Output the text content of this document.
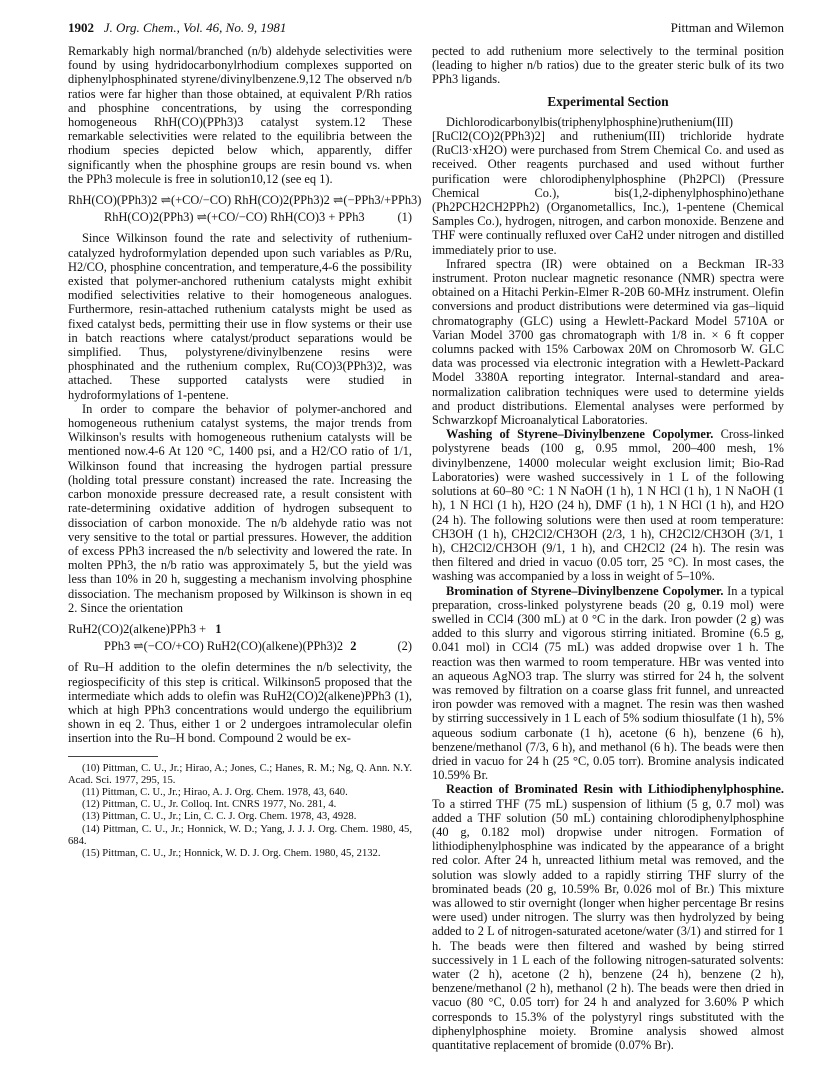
1902 J. Org. Chem., Vol. 46, No. 9, 1981	Pittman and Wilemon

Remarkably high normal/branched (n/b) aldehyde selectivities were found by using hydridocarbonylrhodium complexes supported on diphenylphosphinated styrene/divinylbenzene.9,12 The observed n/b ratios were far higher than those obtained, at equivalent P/Rh ratios and phosphine concentrations, by using the corresponding homogeneous RhH(CO)(PPh3)3 catalyst system.12 These remarkable selectivities were related to the equilibria between the rhodium species depicted below which, apparently, differ significantly when the phosphine groups are resin bound vs. when the PPh3 molecule is free in solution10,12 (see eq 1).

RhH(CO)(PPh3)2 ⇌(+CO/−CO) RhH(CO)2(PPh3)2 ⇌(−PPh3/+PPh3)
RhH(CO)2(PPh3) ⇌(+CO/−CO) RhH(CO)3 + PPh3	(1)

Since Wilkinson found the rate and selectivity of ruthenium-catalyzed hydroformylation depended upon such variables as P/Ru, H2/CO, phosphine concentration, and temperature,4-6 the possibility existed that polymer-anchored ruthenium catalysts might exhibit modified selectivities relative to their homogeneous analogues. Furthermore, resin-attached ruthenium catalysts might be used as fixed catalyst beds, permitting their use in flow systems or their use in batch reactions where catalyst/product separations would be simplified. Thus, polystyrene/divinylbenzene resins were phosphinated and the ruthenium complex, Ru(CO)3(PPh3)2, was attached. These supported catalysts were studied in hydroformylations of 1-pentene.

In order to compare the behavior of polymer-anchored and homogeneous ruthenium catalyst systems, the major trends from Wilkinson's results with homogeneous ruthenium catalysts will be mentioned now.4-6 At 120 °C, 1400 psi, and a H2/CO ratio of 1/1, Wilkinson found that increasing the hydrogen partial pressure (holding total pressure constant) increased the rate. Increasing the carbon monoxide pressure decreased rate, a result consistent with rate-determining oxidative addition of hydrogen subsequent to dissociation of carbon monoxide. The n/b aldehyde ratio was not very sensitive to the total or partial pressures. However, the addition of excess PPh3 increased the n/b selectivity and lowered the rate. In molten PPh3, the n/b ratio was approximately 5, but the yield was less than 10% in 20 h, suggesting a mechanism involving phosphine dissociation. The mechanism proposed by Wilkinson is shown in eq 2. Since the orientation

RuH2(CO)2(alkene)PPh3 + 1
PPh3 ⇌(−CO/+CO) RuH2(CO)(alkene)(PPh3)2 2	(2)

of Ru–H addition to the olefin determines the n/b selectivity, the regiospecificity of this step is critical. Wilkinson5 proposed that the intermediate which adds to olefin was RuH2(CO)2(alkene)PPh3 (1), which at high PPh3 concentrations would undergo the equilibrium shown in eq 2. Thus, either 1 or 2 undergoes intramolecular olefin insertion into the Ru–H bond. Compound 2 would be ex-

(10) Pittman, C. U., Jr.; Hirao, A.; Jones, C.; Hanes, R. M.; Ng, Q. Ann. N.Y. Acad. Sci. 1977, 295, 15.
(11) Pittman, C. U., Jr.; Hirao, A. J. Org. Chem. 1978, 43, 640.
(12) Pittman, C. U., Jr. Colloq. Int. CNRS 1977, No. 281, 4.
(13) Pittman, C. U., Jr.; Lin, C. C. J. Org. Chem. 1978, 43, 4928.
(14) Pittman, C. U., Jr.; Honnick, W. D.; Yang, J. J. J. Org. Chem. 1980, 45, 684.
(15) Pittman, C. U., Jr.; Honnick, W. D. J. Org. Chem. 1980, 45, 2132.

pected to add ruthenium more selectively to the terminal position (leading to higher n/b ratios) due to the greater steric bulk of its two PPh3 ligands.

Experimental Section

Dichlorodicarbonylbis(triphenylphosphine)ruthenium(III) [RuCl2(CO)2(PPh3)2] and ruthenium(III) trichloride hydrate (RuCl3·xH2O) were purchased from Strem Chemical Co. and used as received. Other reagents purchased and used without further purification were chlorodiphenylphosphine (Ph2PCl) (Pressure Chemical Co.), bis(1,2-diphenylphosphino)ethane (Ph2PCH2CH2PPh2) (Organometallics, Inc.), 1-pentene (Chemical Samples Co.), hydrogen, nitrogen, and carbon monoxide. Benzene and THF were continually refluxed over CaH2 under nitrogen and distilled immediately prior to use.

Infrared spectra (IR) were obtained on a Beckman IR-33 instrument. Proton nuclear magnetic resonance (NMR) spectra were obtained on a Hitachi Perkin-Elmer R-20B 60-MHz instrument. Olefin conversions and product distributions were determined via gas–liquid chromatography (GLC) using a Hewlett-Packard Model 5710A or Varian Model 3700 gas chromatograph with 1/8 in. × 6 ft copper columns packed with 15% Carbowax 20M on Chromosorb W. GLC data was processed via electronic integration with a Hewlett-Packard Model 3380A reporting integrator. Internal-standard and area-normalization calibration techniques were used to determine yields and product distributions. Elemental analyses were performed by Schwarzkopf Microanalytical Laboratories.

Washing of Styrene–Divinylbenzene Copolymer. Cross-linked polystyrene beads (100 g, 0.95 mmol, 200–400 mesh, 1% divinylbenzene, 14000 molecular weight exclusion limit; Bio-Rad Laboratories) were washed successively in 1 L of the following solutions at 60–80 °C: 1 N NaOH (1 h), 1 N HCl (1 h), 1 N NaOH (1 h), 1 N HCl (1 h), H2O (24 h), DMF (1 h), 1 N HCl (1 h), and H2O (24 h). The following solutions were then used at room temperature: CH3OH (1 h), CH2Cl2/CH3OH (2/3, 1 h), CH2Cl2/CH3OH (3/1, 1 h), CH2Cl2/CH3OH (9/1, 1 h), and CH2Cl2 (24 h). The resin was then filtered and dried in vacuo (0.05 torr, 25 °C). In most cases, the washing was accompanied by a loss in weight of 5–10%.

Bromination of Styrene–Divinylbenzene Copolymer. In a typical preparation, cross-linked polystyrene beads (20 g, 0.19 mol) were swelled in CCl4 (300 mL) at 0 °C in the dark. Iron powder (2 g) was added to this slurry and vigorous stirring initiated. Bromine (6.5 g, 0.041 mol) in CCl4 (75 mL) was added dropwise over 1 h. The reaction was then warmed to room temperature. HBr was vented into an aqueous AgNO3 trap. The slurry was stirred for 24 h, the solvent was removed by filtration on a coarse glass frit funnel, and unreacted iron powder was removed with a magnet. The resin was then washed by stirring successively in 1 L each of 5% sodium thiosulfate (1 h), 5% aqueous sodium carbonate (1 h), acetone (6 h), benzene (6 h), benzene/methanol (7/3, 6 h), and methanol (6 h). The beads were then dried in vacuo for 24 h (25 °C, 0.05 torr). Bromine analysis indicated 10.59% Br.

Reaction of Brominated Resin with Lithiodiphenylphosphine. To a stirred THF (75 mL) suspension of lithium (5 g, 0.7 mol) was added a THF solution (50 mL) containing chlorodiphenylphosphine (40 g, 0.182 mol) dropwise under nitrogen. Formation of lithiodiphenylphosphine was indicated by the appearance of a bright red color. After 24 h, unreacted lithium metal was removed, and the solution was slowly added to a rapidly stirring THF slurry of the brominated beads (20 g, 10.59% Br, 0.026 mol of Br.) This mixture was allowed to stir overnight (longer when higher percentage Br resins were used) under nitrogen. The slurry was then hydrolyzed by being added to 2 L of nitrogen-saturated acetone/water (3/1) and stirred for 1 h. The beads were then filtered and washed by being stirred successively in 1 L each of the following nitrogen-saturated solvents: water (2 h), acetone (2 h), benzene (24 h), benzene (2 h), benzene/methanol (2 h), methanol (2 h). The beads were then dried in vacuo (80 °C, 0.05 torr) for 24 h and analyzed for 3.60% P which corresponds to 15.3% of the polystyryl rings substituted with the diphenylphosphine moiety. Bromine analysis showed almost quantitative replacement of bromide (0.07% Br).
